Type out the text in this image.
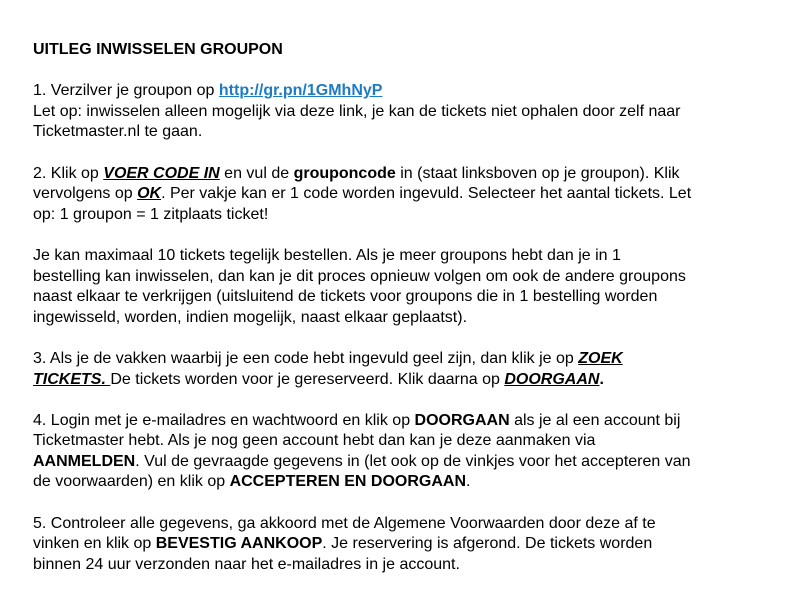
UITLEG INWISSELEN GROUPON
1. Verzilver je groupon op http://gr.pn/1GMhNyP
Let op: inwisselen alleen mogelijk via deze link, je kan de tickets niet ophalen door zelf naar
Ticketmaster.nl te gaan.
2. Klik op VOER CODE IN en vul de grouponcode in (staat linksboven op je groupon). Klik
vervolgens op OK. Per vakje kan er 1 code worden ingevuld. Selecteer het aantal tickets. Let
op: 1 groupon = 1 zitplaats ticket!
Je kan maximaal 10 tickets tegelijk bestellen. Als je meer groupons hebt dan je in 1
bestelling kan inwisselen, dan kan je dit proces opnieuw volgen om ook de andere groupons
naast elkaar te verkrijgen (uitsluitend de tickets voor groupons die in 1 bestelling worden
ingewisseld, worden, indien mogelijk, naast elkaar geplaatst).
3. Als je de vakken waarbij je een code hebt ingevuld geel zijn, dan klik je op ZOEK
TICKETS. De tickets worden voor je gereserveerd. Klik daarna op DOORGAAN.
4. Login met je e-mailadres en wachtwoord en klik op DOORGAAN als je al een account bij
Ticketmaster hebt. Als je nog geen account hebt dan kan je deze aanmaken via
AANMELDEN. Vul de gevraagde gegevens in (let ook op de vinkjes voor het accepteren van
de voorwaarden) en klik op ACCEPTEREN EN DOORGAAN.
5. Controleer alle gegevens, ga akkoord met de Algemene Voorwaarden door deze af te
vinken en klik op BEVESTIG AANKOOP. Je reservering is afgerond. De tickets worden
binnen 24 uur verzonden naar het e-mailadres in je account.
